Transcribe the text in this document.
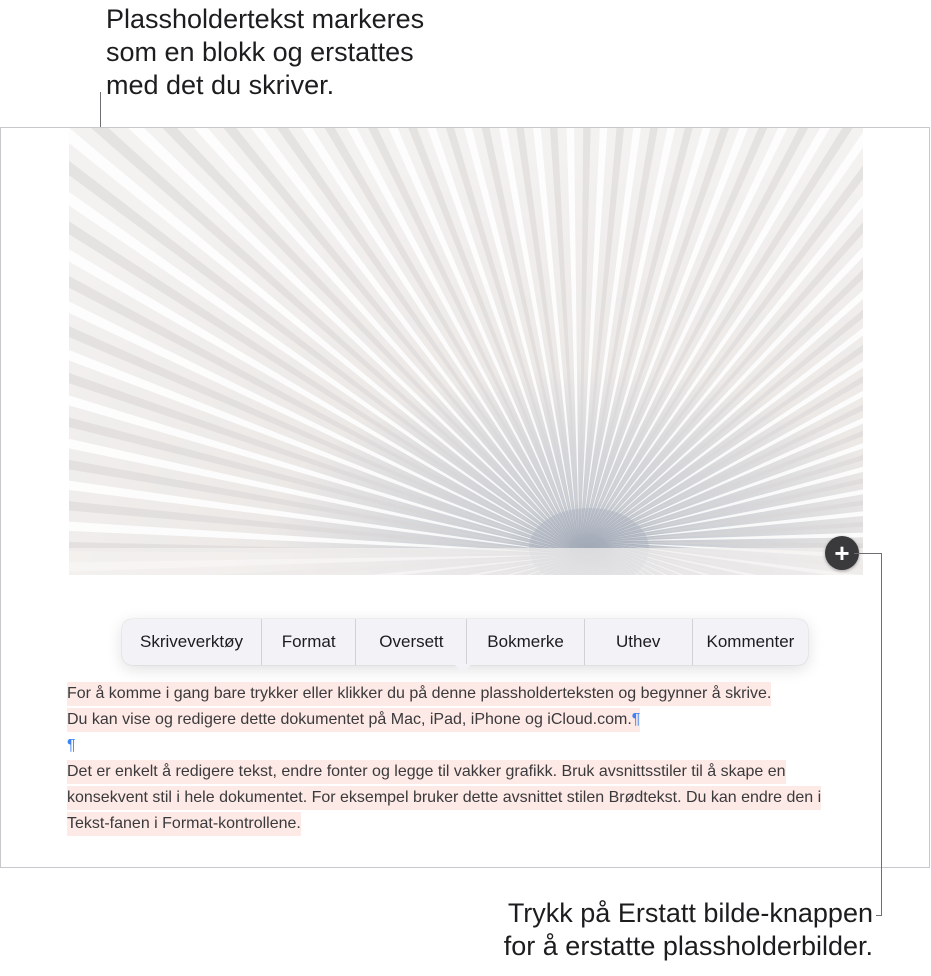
Plassholdertekst markeres
som en blokk og erstattes
med det du skriver.
+
Skriveverktøy	Format	Oversett	Bokmerke	Uthev	Kommenter

For å komme i gang bare trykker eller klikker du på denne plassholderteksten og begynner å skrive.
Du kan vise og redigere dette dokumentet på Mac, iPad, iPhone og iCloud.com.¶

¶

Det er enkelt å redigere tekst, endre fonter og legge til vakker grafikk. Bruk avsnittsstiler til å skape en konsekvent stil i hele dokumentet. For eksempel bruker dette avsnittet stilen Brødtekst. Du kan endre den i Tekst-fanen i Format-kontrollene.

Trykk på Erstatt bilde-knappen
for å erstatte plassholderbilder.
